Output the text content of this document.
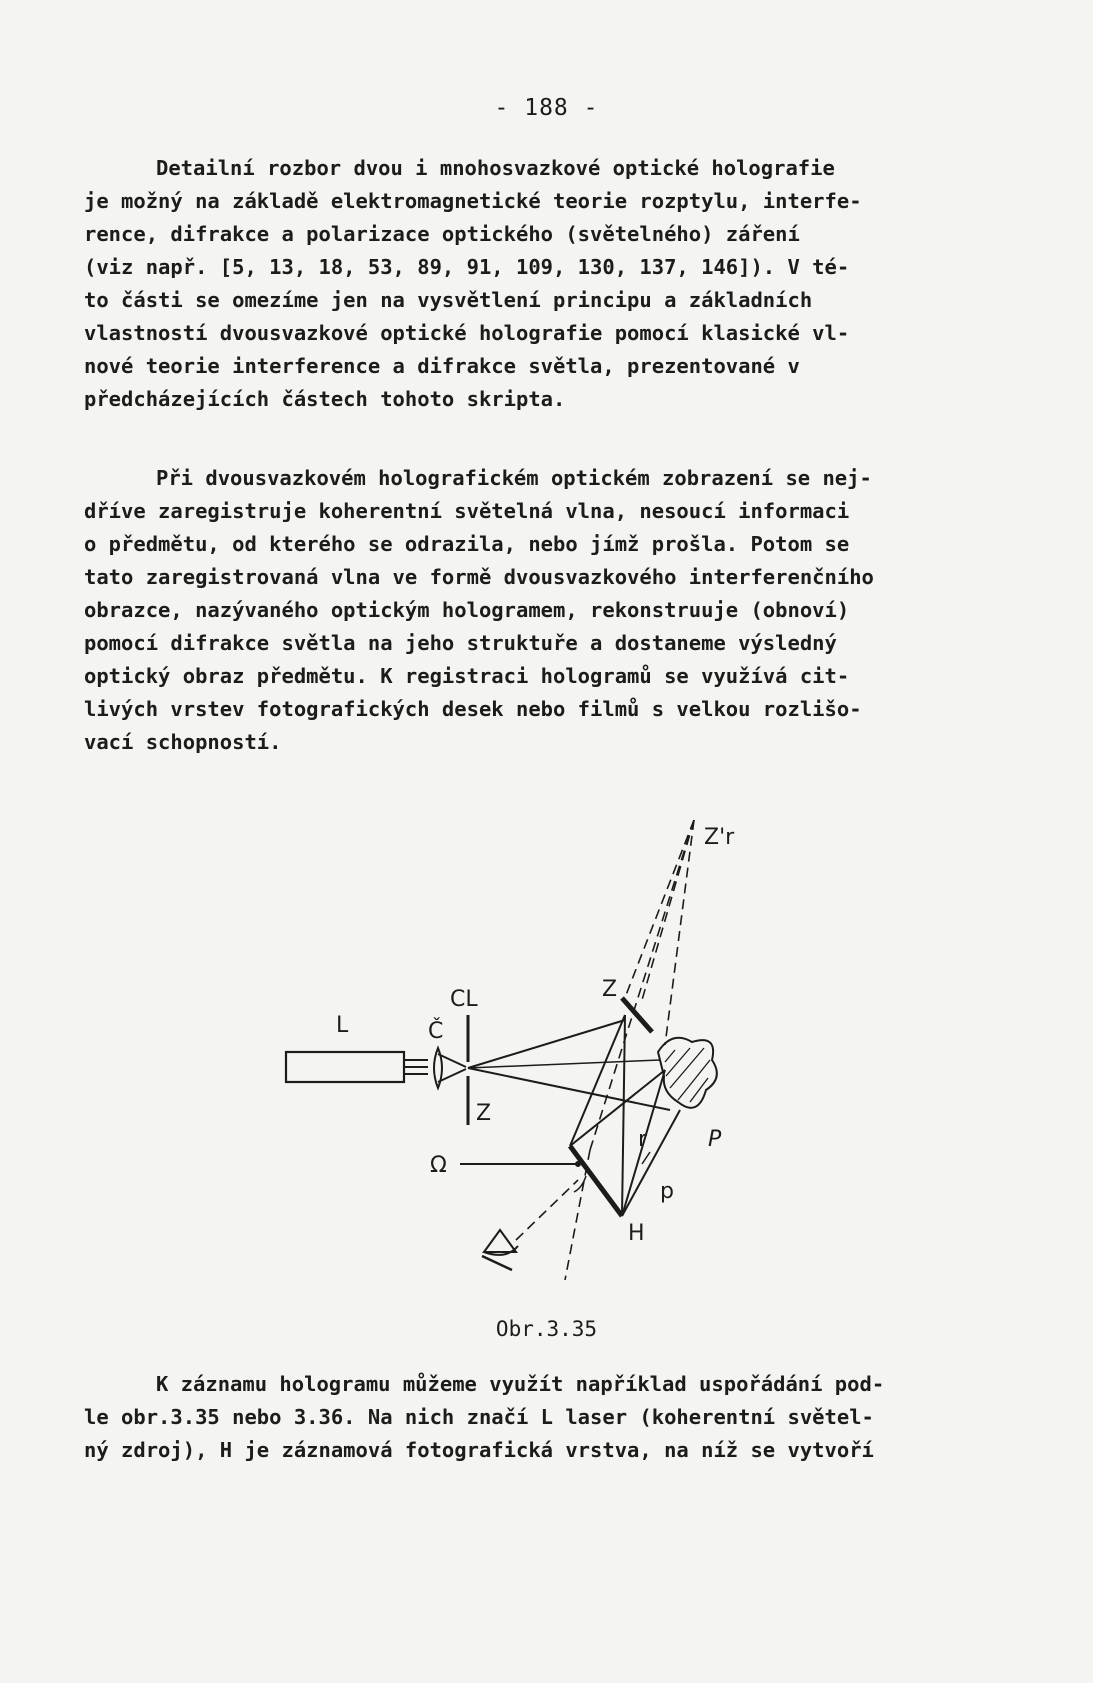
- 188 -
Detailní rozbor dvou i mnohosvazkové optické holografie
je možný na základě elektromagnetické teorie rozptylu, interfe-
rence, difrakce a polarizace optického (světelného) záření
(viz např. [5, 13, 18, 53, 89, 91, 109, 130, 137, 146]). V té-
to části se omezíme jen na vysvětlení principu a základních
vlastností dvousvazkové optické holografie pomocí klasické vl-
nové teorie interference a difrakce světla, prezentované v
předcházejících částech tohoto skripta.
Při dvousvazkovém holografickém optickém zobrazení se nej-
dříve zaregistruje koherentní světelná vlna, nesoucí informaci
o předmětu, od kterého se odrazila, nebo jímž prošla. Potom se
tato zaregistrovaná vlna ve formě dvousvazkového interferenčního
obrazce, nazývaného optickým hologramem, rekonstruuje (obnoví)
pomocí difrakce světla na jeho struktuře a dostaneme výsledný
optický obraz předmětu. K registraci hologramů se využívá cit-
livých vrstev fotografických desek nebo filmů s velkou rozlišo-
vací schopností.
L	Č
CL
Z
Z
Z'r
P
H
r
p
Ω
Obr.3.35
K záznamu hologramu můžeme využít například uspořádání pod-
le obr.3.35 nebo 3.36. Na nich značí L laser (koherentní světel-
ný zdroj), H je záznamová fotografická vrstva, na níž se vytvoří
